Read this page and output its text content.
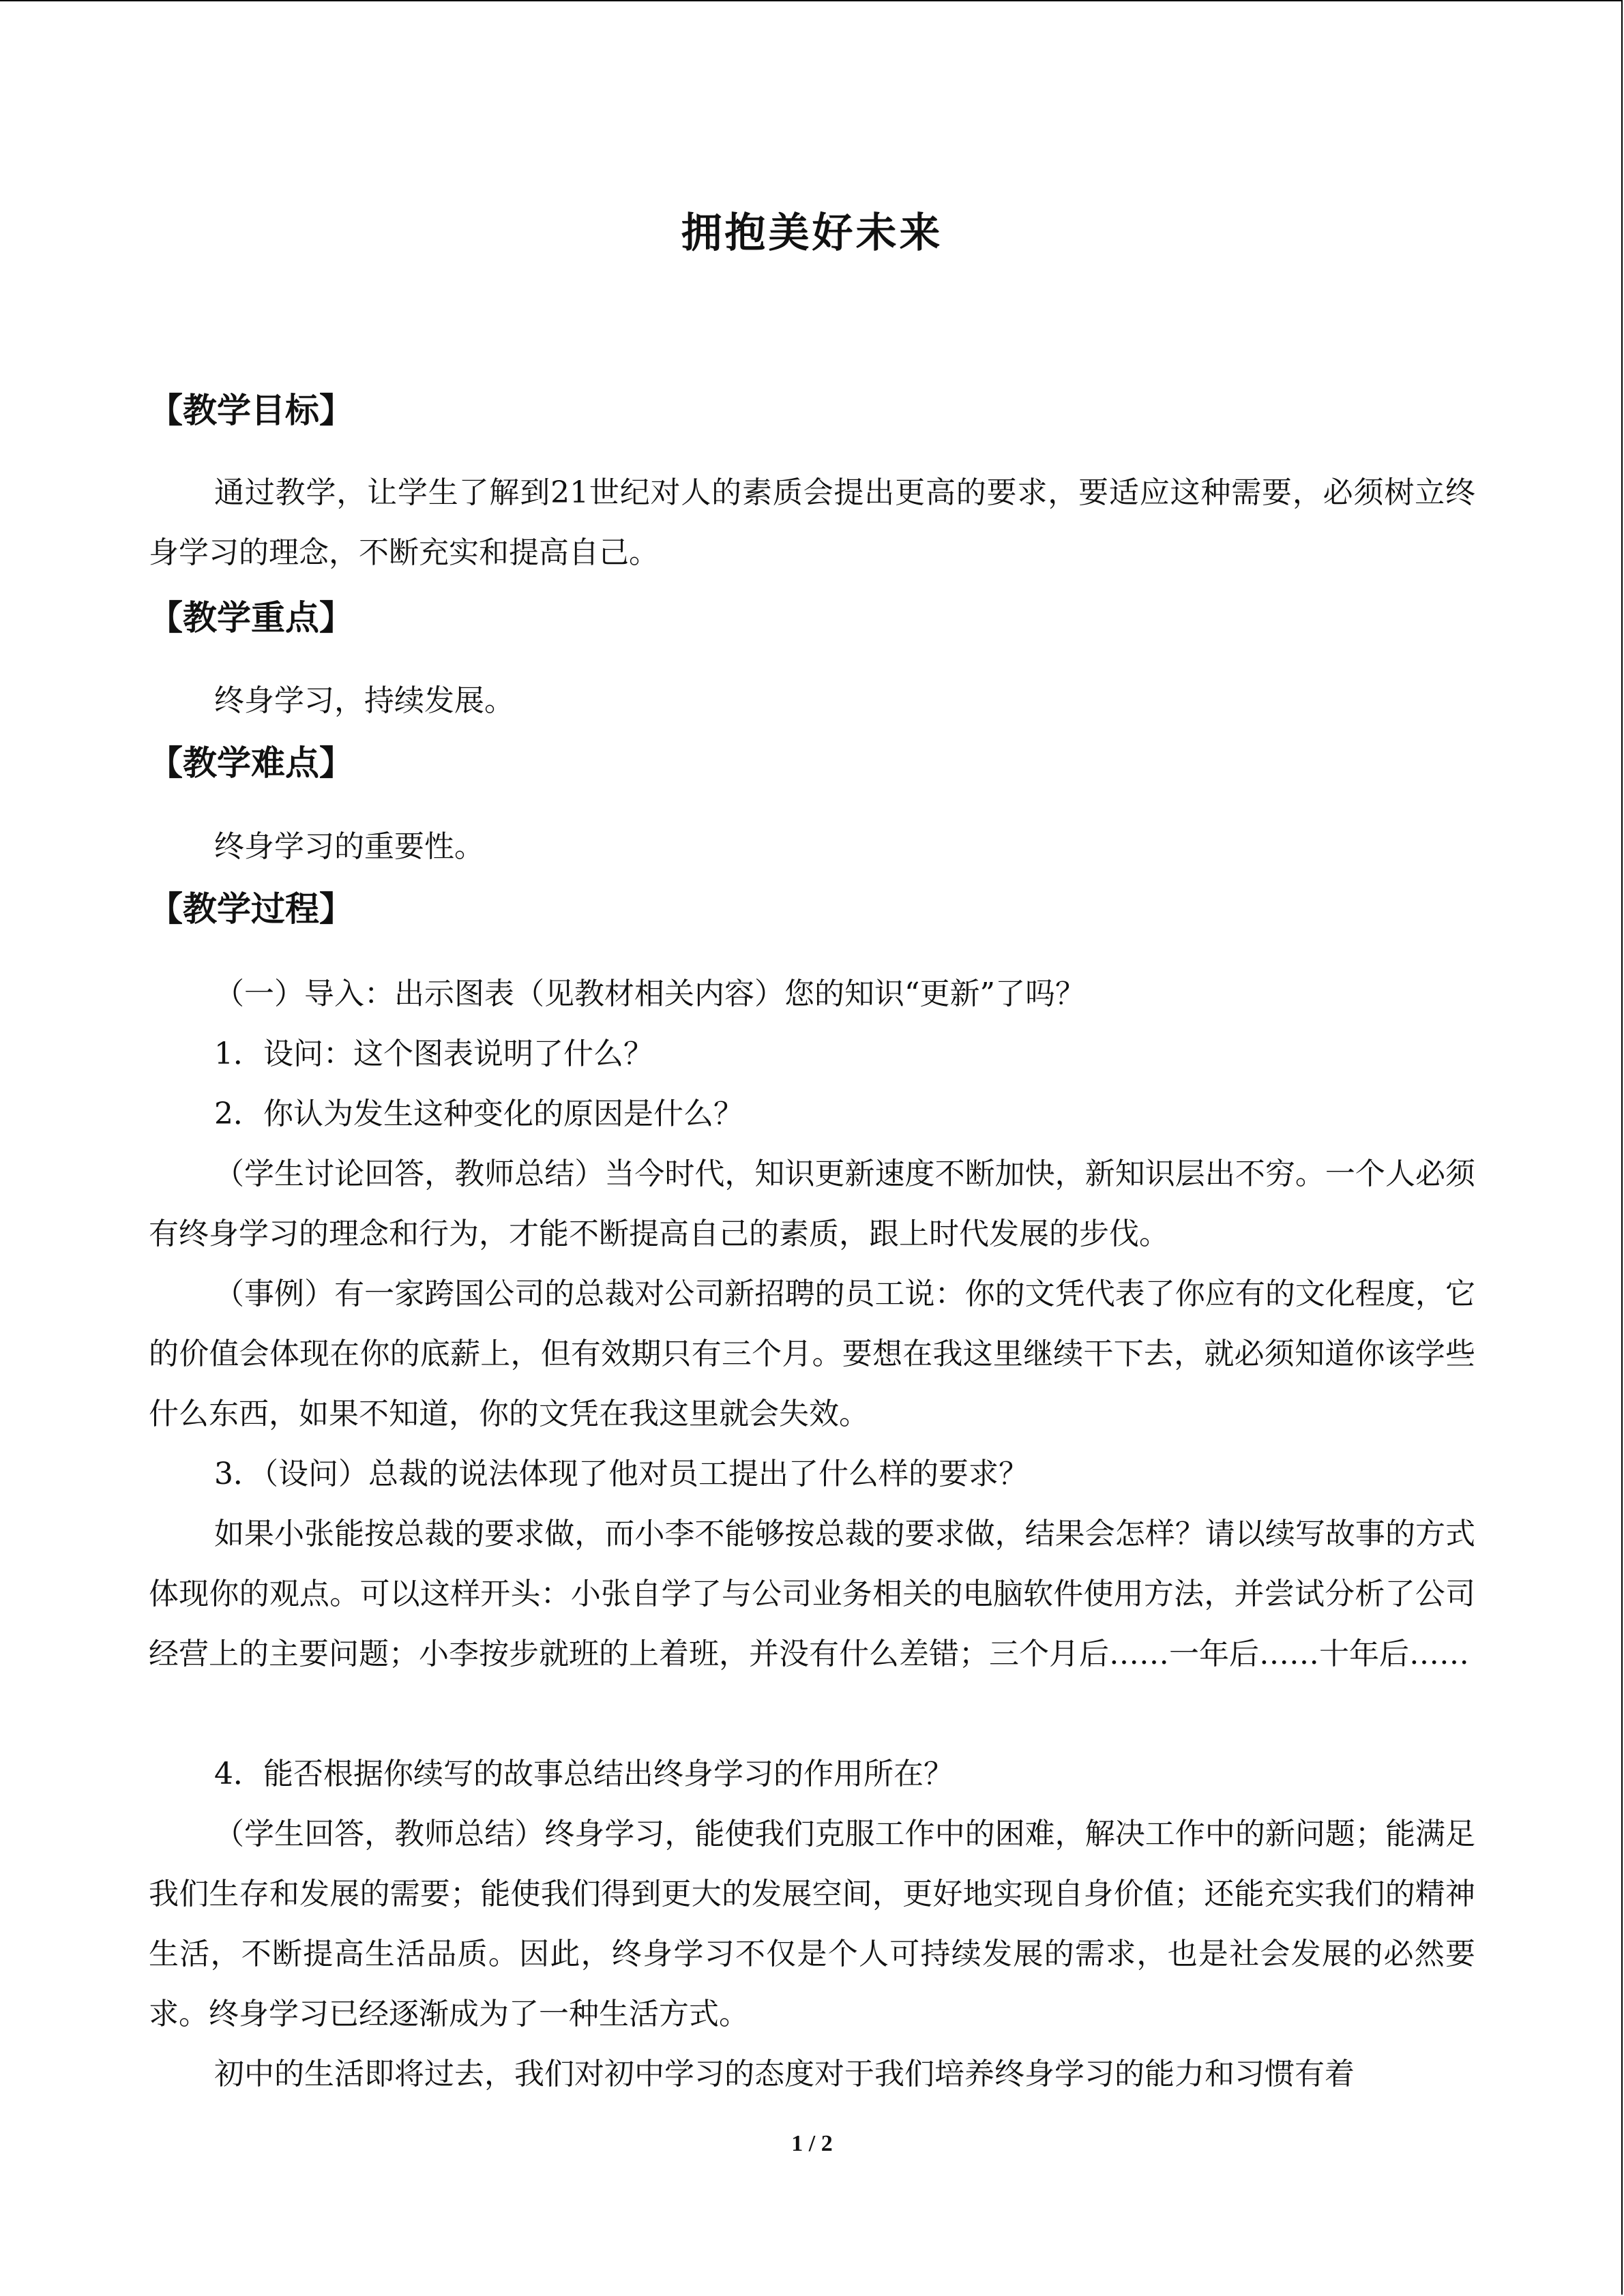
拥抱美好未来
【教学目标】
通过教学，让学生了解到21世纪对人的素质会提出更高的要求，要适应这种需要，必须树立终身学习的理念，不断充实和提高自己。
【教学重点】
终身学习，持续发展。
【教学难点】
终身学习的重要性。
【教学过程】
（一）导入：出示图表（见教材相关内容）您的知识“更新”了吗？
1．设问：这个图表说明了什么？
2．你认为发生这种变化的原因是什么？
（学生讨论回答，教师总结）当今时代，知识更新速度不断加快，新知识层出不穷。一个人必须有终身学习的理念和行为，才能不断提高自己的素质，跟上时代发展的步伐。
（事例）有一家跨国公司的总裁对公司新招聘的员工说：你的文凭代表了你应有的文化程度，它的价值会体现在你的底薪上，但有效期只有三个月。要想在我这里继续干下去，就必须知道你该学些什么东西，如果不知道，你的文凭在我这里就会失效。
3．（设问）总裁的说法体现了他对员工提出了什么样的要求？
如果小张能按总裁的要求做，而小李不能够按总裁的要求做，结果会怎样？请以续写故事的方式体现你的观点。可以这样开头：小张自学了与公司业务相关的电脑软件使用方法，并尝试分析了公司经营上的主要问题；小李按步就班的上着班，并没有什么差错；三个月后……一年后……十年后……
4．能否根据你续写的故事总结出终身学习的作用所在？
（学生回答，教师总结）终身学习，能使我们克服工作中的困难，解决工作中的新问题；能满足我们生存和发展的需要；能使我们得到更大的发展空间，更好地实现自身价值；还能充实我们的精神生活，不断提高生活品质。因此，终身学习不仅是个人可持续发展的需求，也是社会发展的必然要求。终身学习已经逐渐成为了一种生活方式。
初中的生活即将过去，我们对初中学习的态度对于我们培养终身学习的能力和习惯有着
1 / 2
